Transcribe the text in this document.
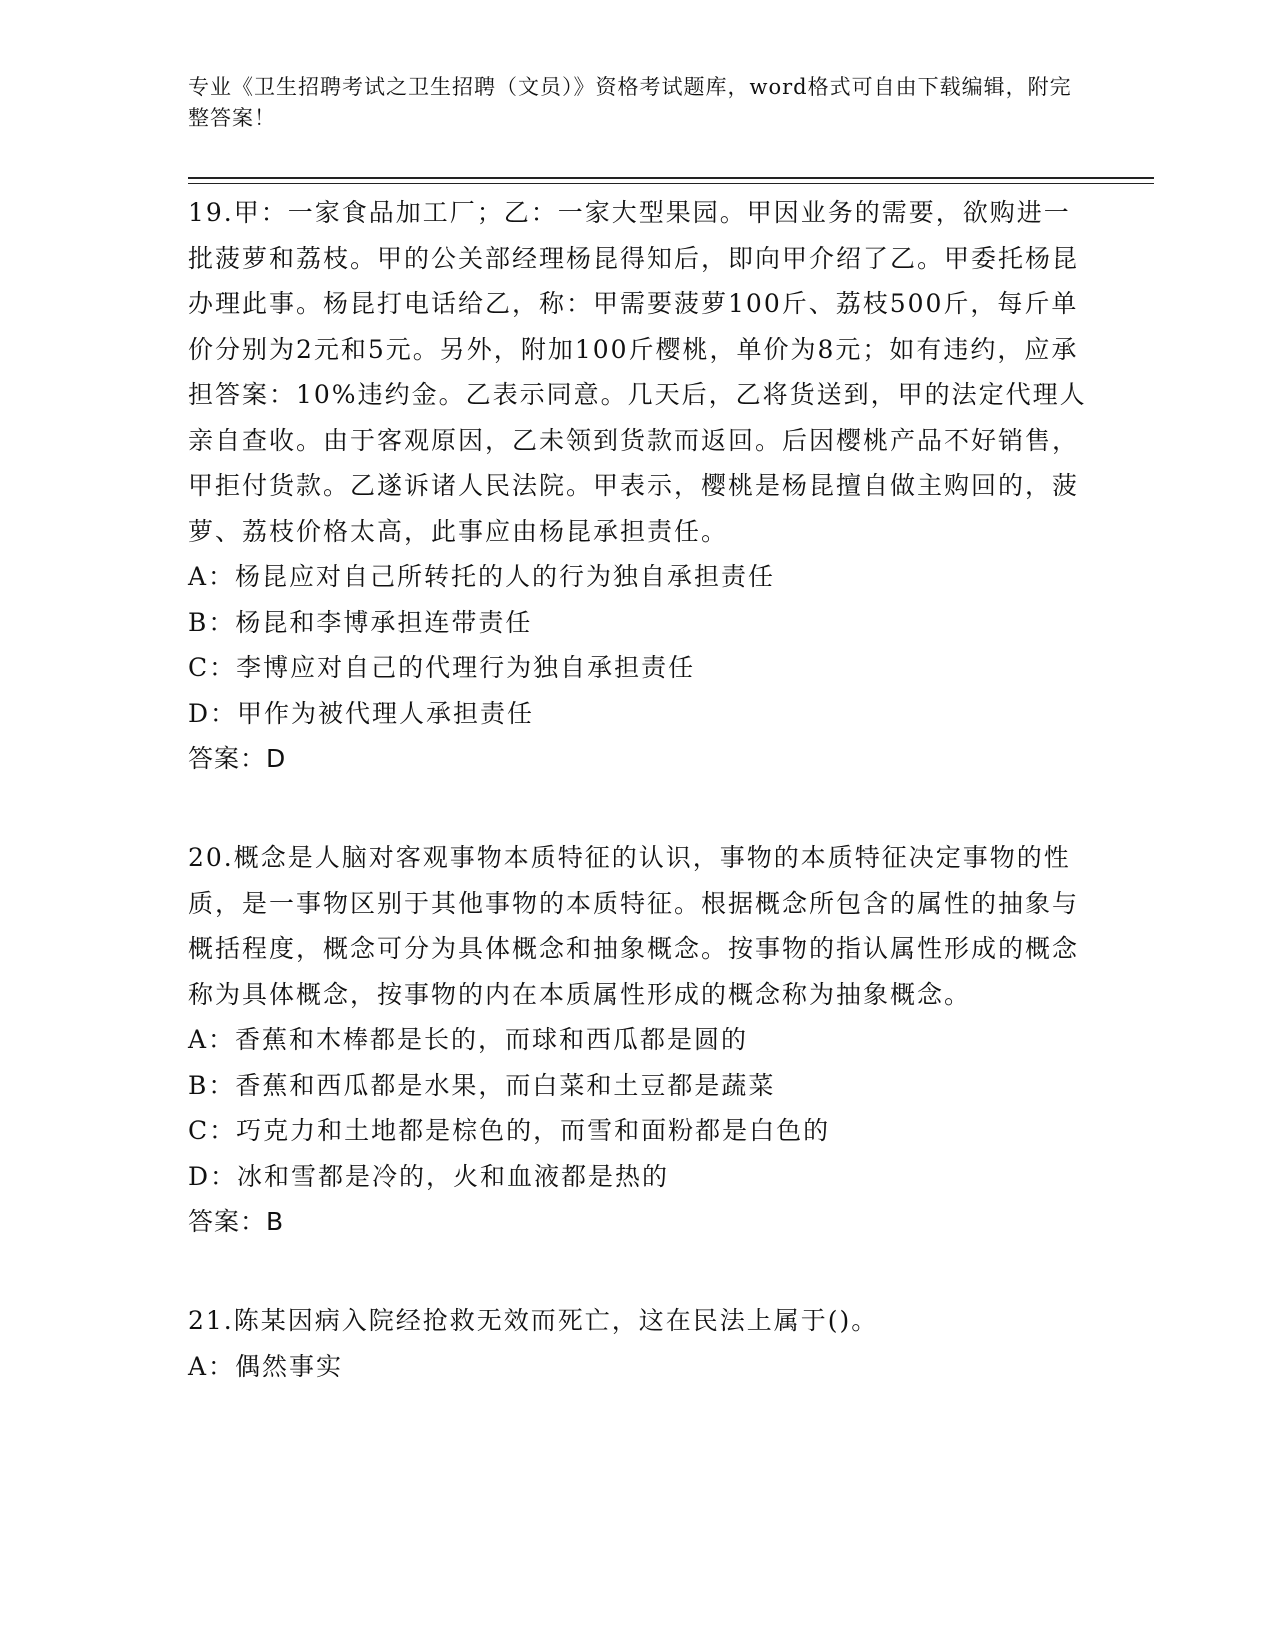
专业《卫生招聘考试之卫生招聘（文员）》资格考试题库，word格式可自由下载编辑，附完整答案！

19.甲：一家食品加工厂；乙：一家大型果园。甲因业务的需要，欲购进一批菠萝和荔枝。甲的公关部经理杨昆得知后，即向甲介绍了乙。甲委托杨昆办理此事。杨昆打电话给乙，称：甲需要菠萝100斤、荔枝500斤，每斤单价分别为2元和5元。另外，附加100斤樱桃，单价为8元；如有违约，应承担答案：10%违约金。乙表示同意。几天后，乙将货送到，甲的法定代理人亲自查收。由于客观原因，乙未领到货款而返回。后因樱桃产品不好销售，甲拒付货款。乙遂诉诸人民法院。甲表示，樱桃是杨昆擅自做主购回的，菠萝、荔枝价格太高，此事应由杨昆承担责任。

A：杨昆应对自己所转托的人的行为独自承担责任

B：杨昆和李博承担连带责任

C：李博应对自己的代理行为独自承担责任

D：甲作为被代理人承担责任

答案：D

20.概念是人脑对客观事物本质特征的认识，事物的本质特征决定事物的性质，是一事物区别于其他事物的本质特征。根据概念所包含的属性的抽象与概括程度，概念可分为具体概念和抽象概念。按事物的指认属性形成的概念称为具体概念，按事物的内在本质属性形成的概念称为抽象概念。

A：香蕉和木棒都是长的，而球和西瓜都是圆的

B：香蕉和西瓜都是水果，而白菜和土豆都是蔬菜

C：巧克力和土地都是棕色的，而雪和面粉都是白色的

D：冰和雪都是冷的，火和血液都是热的

答案：B

21.陈某因病入院经抢救无效而死亡，这在民法上属于()。

A：偶然事实
